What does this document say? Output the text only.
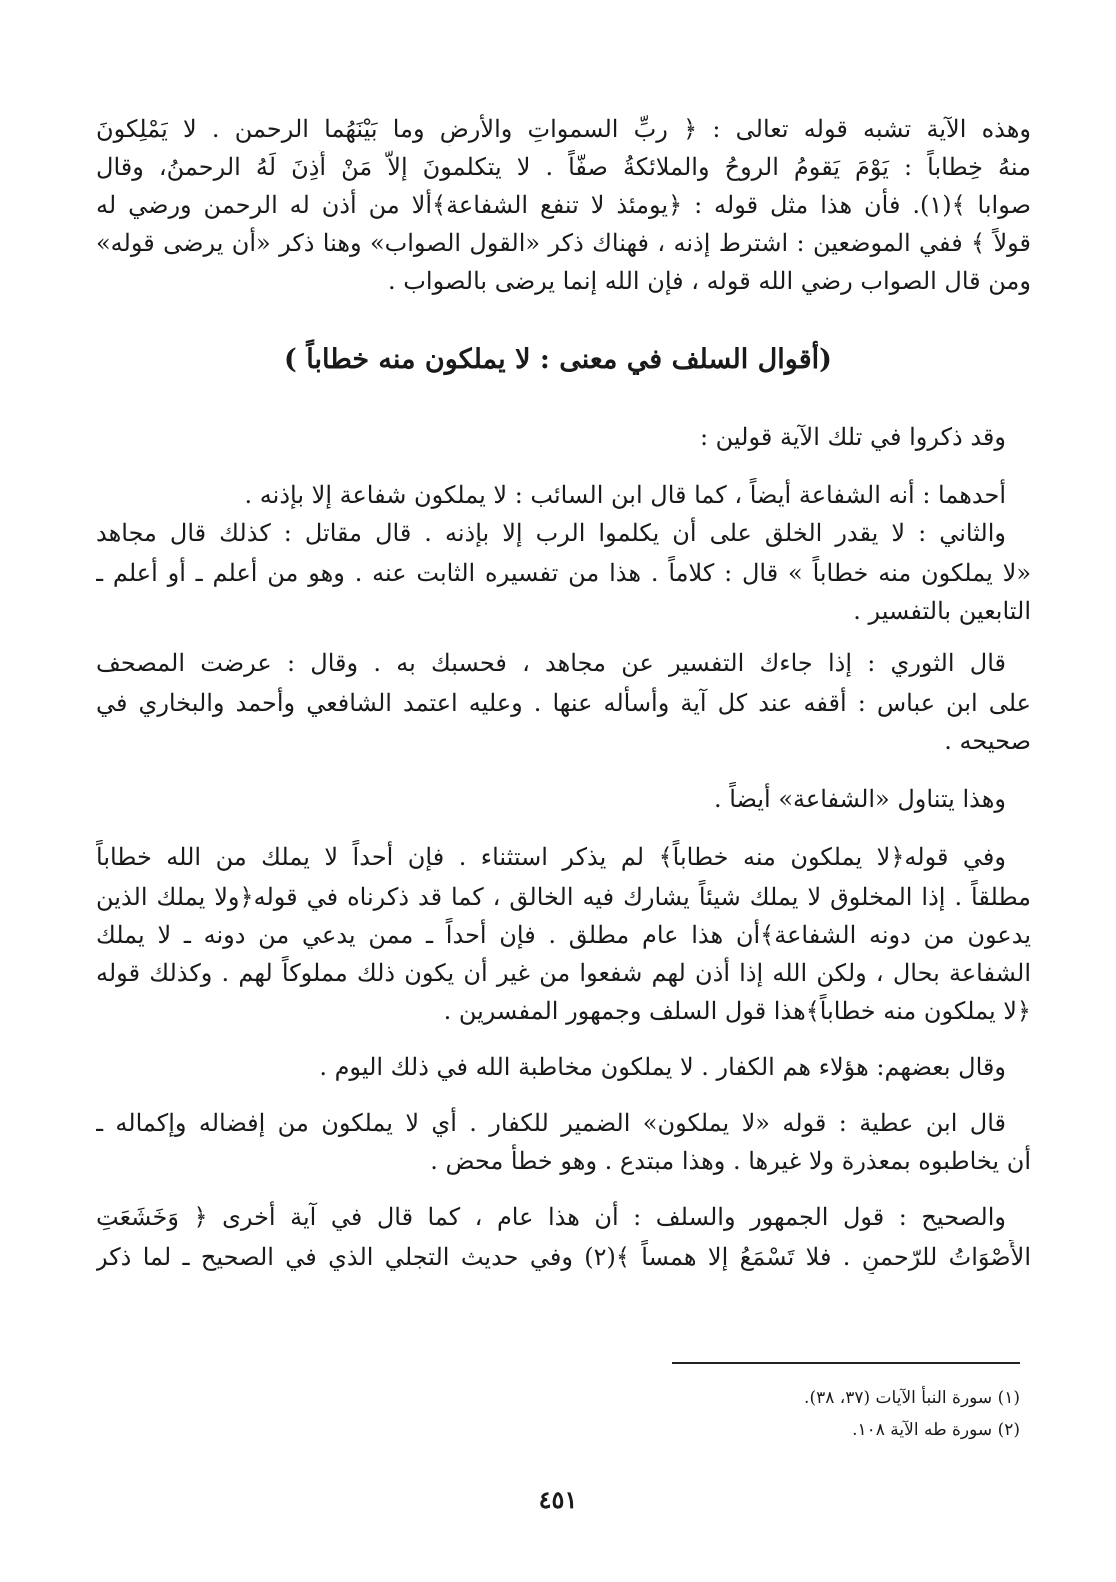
وهذه الآية تشبه قوله تعالى : ﴿ ربِّ السمواتِ والأرضِ وما بَيْنَهُما الرحمن . لا يَمْلِكونَ
منهُ خِطاباً : يَوْمَ يَقومُ الروحُ والملائكةُ صفّاً . لا يتكلمونَ إلاّ مَنْ أَذِنَ لَهُ الرحمنُ، وقال
صوابا ﴾(١). فأن هذا مثل قوله : ﴿يومئذ لا تنفع الشفاعة﴾ألا من أذن له الرحمن ورضي له
قولاً ﴾ ففي الموضعين : اشترط إذنه ، فهناك ذكر «القول الصواب» وهنا ذكر «أن يرضى قوله»
ومن قال الصواب رضي الله قوله ، فإن الله إنما يرضى بالصواب .
(أقوال السلف في معنى : لا يملكون منه خطاباً )
وقد ذكروا في تلك الآية قولين :
أحدهما : أنه الشفاعة أيضاً ، كما قال ابن السائب : لا يملكون شفاعة إلا بإذنه .
والثاني : لا يقدر الخلق على أن يكلموا الرب إلا بإذنه . قال مقاتل : كذلك قال مجاهد
«لا يملكون منه خطاباً » قال : كلاماً . هذا من تفسيره الثابت عنه . وهو من أعلم ـ أو أعلم ـ
التابعين بالتفسير .
قال الثوري : إذا جاءك التفسير عن مجاهد ، فحسبك به . وقال : عرضت المصحف
على ابن عباس : أقفه عند كل آية وأسأله عنها . وعليه اعتمد الشافعي وأحمد والبخاري في
صحيحه .
وهذا يتناول «الشفاعة» أيضاً .
وفي قوله﴿لا يملكون منه خطاباً﴾ لم يذكر استثناء . فإن أحداً لا يملك من الله خطاباً
مطلقاً . إذا المخلوق لا يملك شيئاً يشارك فيه الخالق ، كما قد ذكرناه في قوله﴿ولا يملك الذين
يدعون من دونه الشفاعة﴾أن هذا عام مطلق . فإن أحداً ـ ممن يدعي من دونه ـ لا يملك
الشفاعة بحال ، ولكن الله إذا أذن لهم شفعوا من غير أن يكون ذلك مملوكاً لهم . وكذلك قوله
﴿لا يملكون منه خطاباً﴾هذا قول السلف وجمهور المفسرين .
وقال بعضهم: هؤلاء هم الكفار . لا يملكون مخاطبة الله في ذلك اليوم .
قال ابن عطية : قوله «لا يملكون» الضمير للكفار . أي لا يملكون من إفضاله وإكماله ـ
أن يخاطبوه بمعذرة ولا غيرها . وهذا مبتدع . وهو خطأ محض .
والصحيح : قول الجمهور والسلف : أن هذا عام ، كما قال في آية أخرى ﴿ وَخَشَعَتِ
الأَصْوَاتُ للرّحمنِ . فلا تَسْمَعُ إلا همساً ﴾(٢) وفي حديث التجلي الذي في الصحيح ـ لما ذكر
(١) سورة النبأ الآيات (٣٧، ٣٨).
(٢) سورة طه الآية ١٠٨.
٤٥١
